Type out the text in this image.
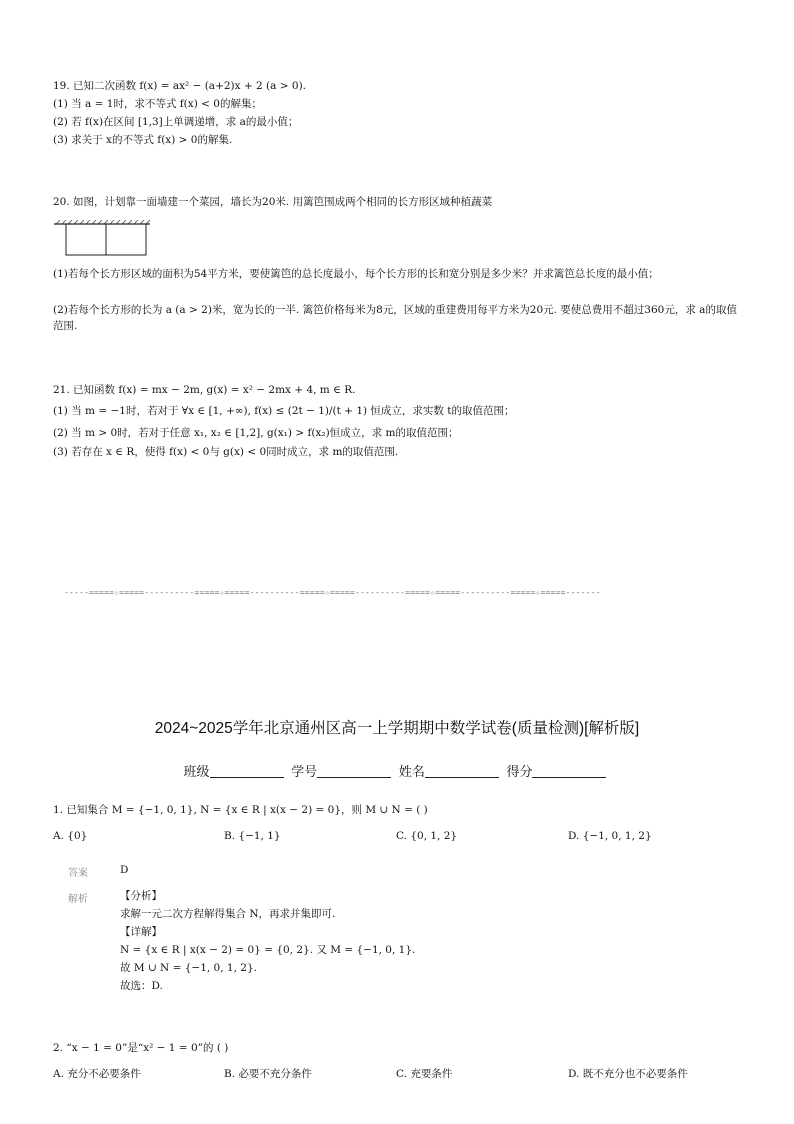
19. 已知二次函数 f(x) = ax² − (a+2)x + 2 (a > 0).
(1) 当 a = 1时，求不等式 f(x) < 0的解集；
(2) 若 f(x)在区间 [1,3]上单调递增，求 a的最小值；
(3) 求关于 x的不等式 f(x) > 0的解集.
20. 如图，计划靠一面墙建一个菜园，墙长为20米. 用篱笆围成两个相同的长方形区域种植蔬菜
(1)若每个长方形区域的面积为54平方米，要使篱笆的总长度最小，每个长方形的长和宽分别是多少米？并求篱笆总长度的最小值；
(2)若每个长方形的长为 a (a > 2)米，宽为长的一半. 篱笆价格每米为8元，区域的重建费用每平方米为20元. 要使总费用不超过360元，求 a的取值范围.
21. 已知函数 f(x) = mx − 2m, g(x) = x² − 2mx + 4, m ∈ R.
(1) 当 m = −1时，若对于 ∀x ∈ [1, +∞), f(x) ≤ (2t − 1)/(t + 1) 恒成立，求实数 t的取值范围；
(2) 当 m > 0时，若对于任意 x₁, x₂ ∈ [1,2], g(x₁) > f(x₂)恒成立，求 m的取值范围；
(3) 若存在 x ∈ R，使得 f(x) < 0与 g(x) < 0同时成立，求 m的取值范围.
-----=====☆=====----------=====☆=====----------=====☆=====----------=====☆=====----------=====☆=====-------
2024~2025学年北京通州区高一上学期期中数学试卷(质量检测)[解析版]
班级	学号	姓名	得分
1. 已知集合 M = {−1, 0, 1}, N = {x ∈ R | x(x − 2) = 0}，则 M ∪ N = ( )
A. {0}	B. {−1, 1}	C. {0, 1, 2}	D. {−1, 0, 1, 2}
答案	D
解析	【分析】
求解一元二次方程解得集合 N，再求并集即可.
【详解】
N = {x ∈ R | x(x − 2) = 0} = {0, 2}. 又 M = {−1, 0, 1}.
故 M ∪ N = {−1, 0, 1, 2}.
故选：D.
2. “x − 1 = 0”是“x² − 1 = 0”的 ( )
A. 充分不必要条件	B. 必要不充分条件	C. 充要条件	D. 既不充分也不必要条件
